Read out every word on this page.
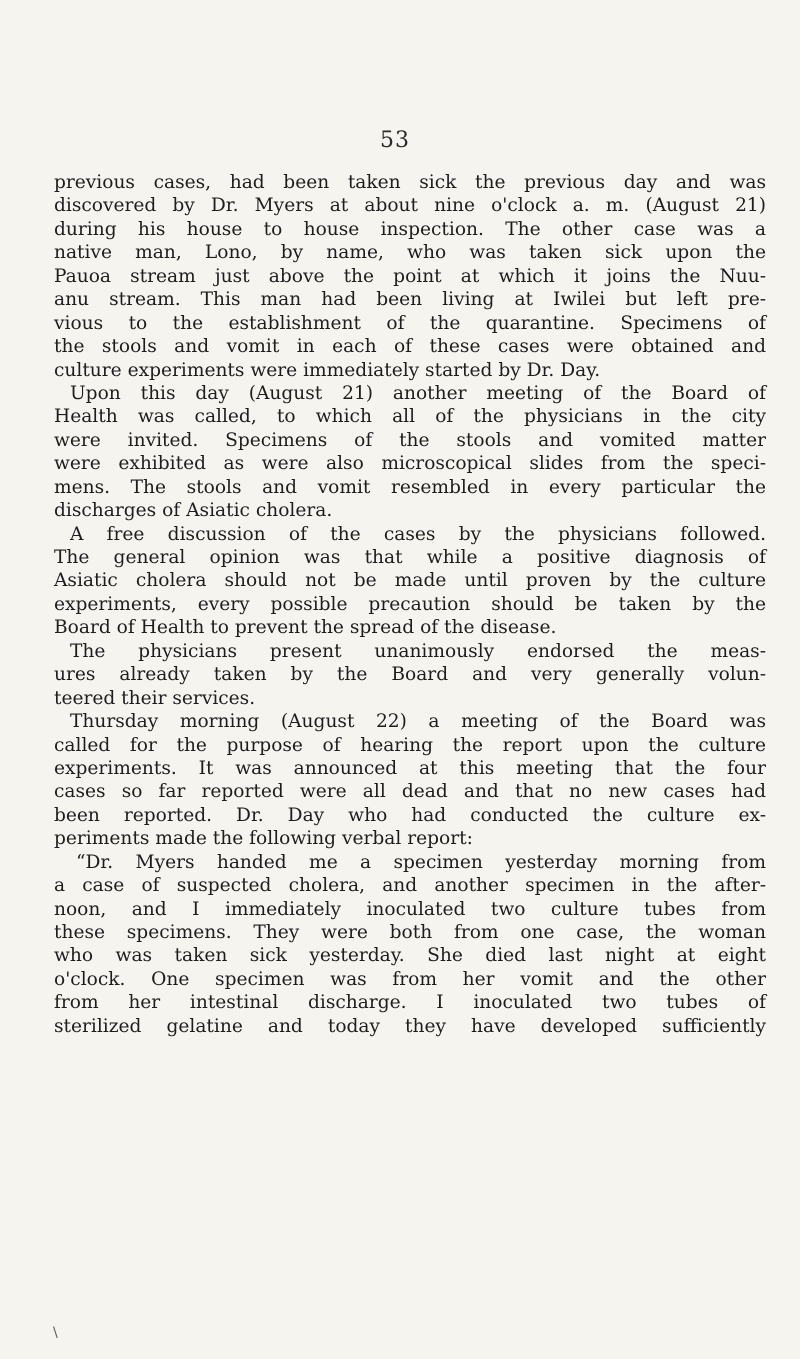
53
previous cases, had been taken sick the previous day and was
discovered by Dr. Myers at about nine o'clock a. m. (August 21)
during his house to house inspection. The other case was a
native man, Lono, by name, who was taken sick upon the
Pauoa stream just above the point at which it joins the Nuu-
anu stream. This man had been living at Iwilei but left pre-
vious to the establishment of the quarantine. Specimens of
the stools and vomit in each of these cases were obtained and
culture experiments were immediately started by Dr. Day.
Upon this day (August 21) another meeting of the Board of
Health was called, to which all of the physicians in the city
were invited. Specimens of the stools and vomited matter
were exhibited as were also microscopical slides from the speci-
mens. The stools and vomit resembled in every particular the
discharges of Asiatic cholera.
A free discussion of the cases by the physicians followed.
The general opinion was that while a positive diagnosis of
Asiatic cholera should not be made until proven by the culture
experiments, every possible precaution should be taken by the
Board of Health to prevent the spread of the disease.
The physicians present unanimously endorsed the meas-
ures already taken by the Board and very generally volun-
teered their services.
Thursday morning (August 22) a meeting of the Board was
called for the purpose of hearing the report upon the culture
experiments. It was announced at this meeting that the four
cases so far reported were all dead and that no new cases had
been reported. Dr. Day who had conducted the culture ex-
periments made the following verbal report:
“Dr. Myers handed me a specimen yesterday morning from
a case of suspected cholera, and another specimen in the after-
noon, and I immediately inoculated two culture tubes from
these specimens. They were both from one case, the woman
who was taken sick yesterday. She died last night at eight
o'clock. One specimen was from her vomit and the other
from her intestinal discharge. I inoculated two tubes of
sterilized gelatine and today they have developed sufficiently
\
